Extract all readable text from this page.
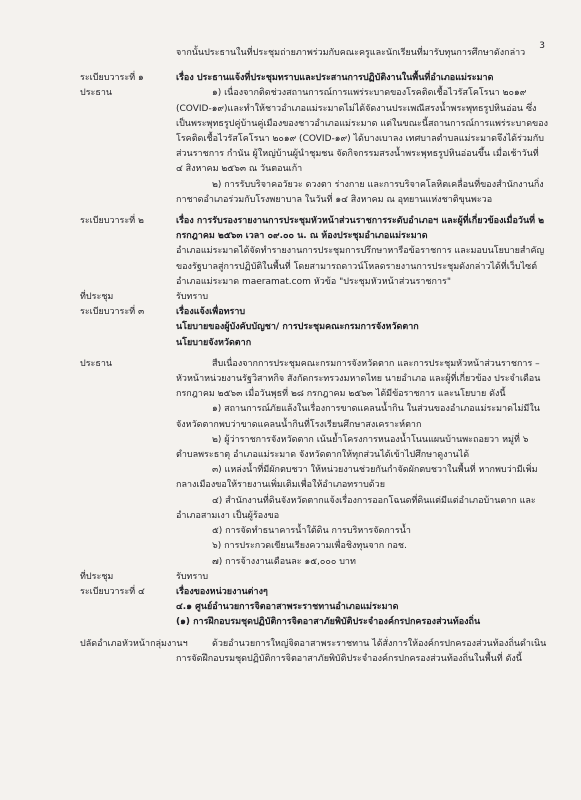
3

จากนั้นประธานในที่ประชุมถ่ายภาพร่วมกับคณะครูและนักเรียนที่มารับทุนการศึกษาดังกล่าว

ระเบียบวาระที่ ๑	เรื่อง ประธานแจ้งที่ประชุมทราบและประสานการปฏิบัติงานในพื้นที่อำเภอแม่ระมาด

ประธาน	๑) เนื่องจากติดช่วงสถานการณ์การแพร่ระบาดของโรคติดเชื้อไวรัสโคโรนา ๒๐๑๙ (COVID-๑๙)และทำให้ชาวอำเภอแม่ระมาดไม่ได้จัดงานประเพณีสรงน้ำพระพุทธรูปหินอ่อน ซึ่งเป็นพระพุทธรูปคู่บ้านคู่เมืองของชาวอำเภอแม่ระมาด แต่ในขณะนี้สถานการณ์การแพร่ระบาดของโรคติดเชื้อไวรัสโคโรนา ๒๐๑๙ (COVID-๑๙) ได้บางเบาลง เทศบาลตำบลแม่ระมาดจึงได้ร่วมกับส่วนราชการ กำนัน ผู้ใหญ่บ้านผู้นำชุมชน จัดกิจกรรมสรงน้ำพระพุทธรูปหินอ่อนขึ้น เมื่อเช้าวันที่ ๔ สิงหาคม ๒๕๖๓ ณ วันตอนเก้า

๒) การรับบริจาคอวัยวะ ดวงตา ร่างกาย และการบริจาคโลหิตเคลื่อนที่ของสำนักงานกิ่งกาชาดอำเภอร่วมกับโรงพยาบาล ในวันที่ ๑๔ สิงหาคม ณ อุทยานแห่งชาติขุนพะวอ

ระเบียบวาระที่ ๒	เรื่อง การรับรองรายงานการประชุมหัวหน้าส่วนราชการระดับอำเภอฯ และผู้ที่เกี่ยวข้องเมื่อวันที่ ๒ กรกฎาคม ๒๕๖๓ เวลา ๐๙.๐๐ น. ณ ห้องประชุมอำเภอแม่ระมาด

อำเภอแม่ระมาดได้จัดทำรายงานการประชุมการปรึกษาหารือข้อราชการ และมอบนโยบายสำคัญของรัฐบาลสู่การปฏิบัติในพื้นที่ โดยสามารถดาวน์โหลดรายงานการประชุมดังกล่าวได้ที่เว็บไซต์อำเภอแม่ระมาด maeramat.com หัวข้อ "ประชุมหัวหน้าส่วนราชการ"

ที่ประชุม	รับทราบ

ระเบียบวาระที่ ๓	เรื่องแจ้งเพื่อทราบ

นโยบายของผู้บังคับบัญชา/ การประชุมคณะกรมการจังหวัดตาก

นโยบายจังหวัดตาก

ประธาน	สืบเนื่องจากการประชุมคณะกรมการจังหวัดตาก และการประชุมหัวหน้าส่วนราชการ – หัวหน้าหน่วยงานรัฐวิสาหกิจ สังกัดกระทรวงมหาดไทย นายอำเภอ และผู้ที่เกี่ยวข้อง ประจำเดือนกรกฎาคม ๒๕๖๓ เมื่อวันพุธที่ ๒๘ กรกฎาคม ๒๕๖๓ ได้มีข้อราชการ และนโยบาย ดังนี้

๑) สถานการณ์ภัยแล้งในเรื่องการขาดแคลนน้ำกิน ในส่วนของอำเภอแม่ระมาดไม่มีในจังหวัดตากพบว่าขาดแคลนน้ำกินที่โรงเรียนศึกษาสงเคราะห์ตาก

๒) ผู้ว่าราชการจังหวัดตาก เน้นย้ำโครงการหนองน้ำโนนแผนบ้านพะถอยวา หมู่ที่ ๖ ตำบลพระธาตุ อำเภอแม่ระมาด จังหวัดตากให้ทุกส่วนได้เข้าไปศึกษาดูงานได้

๓) แหล่งน้ำที่มีผักตบชวา ให้หน่วยงานช่วยกันกำจัดผักตบชวาในพื้นที่ หากพบว่ามีเพิ่มกลางเมืองขอให้รายงานเพิ่มเติมเพื่อให้อำเภอทราบด้วย

๔) สำนักงานที่ดินจังหวัดตากแจ้งเรื่องการออกโฉนดที่ดินแต่มีแต่อำเภอบ้านตาก และอำเภอสามเงา เป็นผู้ร้องขอ

๕) การจัดทำธนาคารน้ำใต้ดิน การบริหารจัดการน้ำ

๖) การประกวดเขียนเรียงความเพื่อชิงทุนจาก กอช.

๗) การจ้างงานเดือนละ ๑๕,๐๐๐ บาท

ที่ประชุม	รับทราบ

ระเบียบวาระที่ ๔	เรื่องของหน่วยงานต่างๆ

๔.๑ ศูนย์อำนวยการจิตอาสาพระราชทานอำเภอแม่ระมาด

(๑) การฝึกอบรมชุดปฏิบัติการจิตอาสาภัยพิบัติประจำองค์กรปกครองส่วนท้องถิ่น

ปลัดอำเภอหัวหน้ากลุ่มงานฯ	ด้วยอำนวยการใหญ่จิตอาสาพระราชทาน ได้สั่งการให้องค์กรปกครองส่วนท้องถิ่นดำเนินการจัดฝึกอบรมชุดปฏิบัติการจิตอาสาภัยพิบัติประจำองค์กรปกครองส่วนท้องถิ่นในพื้นที่ ดังนี้
